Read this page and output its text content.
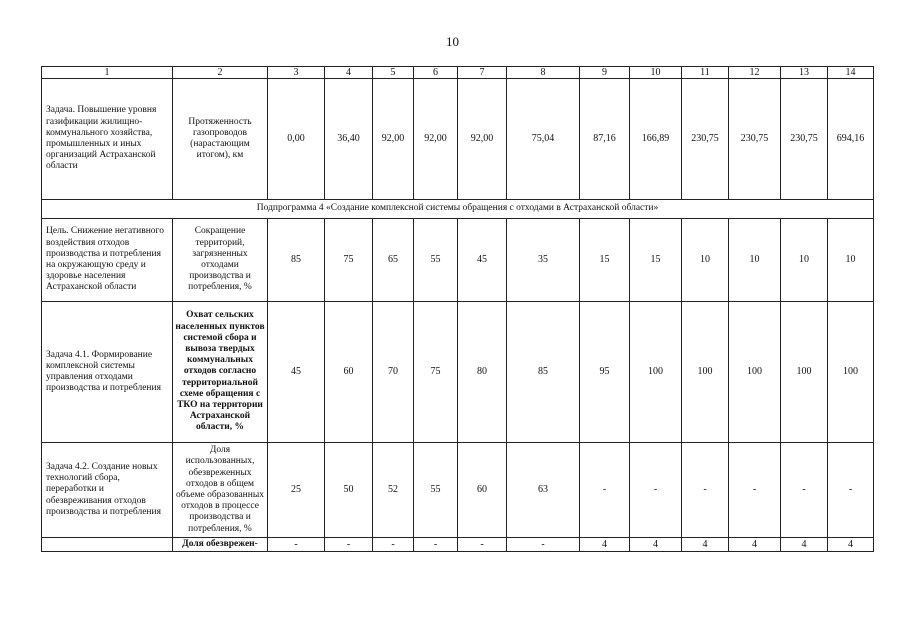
10
1	2	3	4	5	6	7	8	9	10	11	12	13	14
Задача. Повышение уровня газификации жилищно-коммунального хозяйства, промышленных и иных организаций Астраханской области	Протяженность газопроводов (нарастающим итогом), км	0,00	36,40	92,00	92,00	92,00	75,04	87,16	166,89	230,75	230,75	230,75	694,16
Подпрограмма 4 «Создание комплексной системы обращения с отходами в Астраханской области»													
Цель. Снижение негативного воздействия отходов производства и потребления на окружающую среду и здоровье населения Астраханской области	Сокращение территорий, загрязненных отходами производства и потребления, %	85	75	65	55	45	35	15	15	10	10	10	10
Задача 4.1. Формирование комплексной системы управления отходами производства и потребления	Охват сельских населенных пунктов системой сбора и вывоза твердых коммунальных отходов согласно территориальной схеме обращения с ТКО на территории Астраханской области, %	45	60	70	75	80	85	95	100	100	100	100	100
Задача 4.2. Создание новых технологий сбора, переработки и обезвреживания отходов производства и потребления	Доля использованных, обезвреженных отходов в общем объеме образованных отходов в процессе производства и потребления, %	25	50	52	55	60	63	-	-	-	-	-	-
	Доля обезврежен-	-	-	-	-	-	-	4	4	4	4	4	4
